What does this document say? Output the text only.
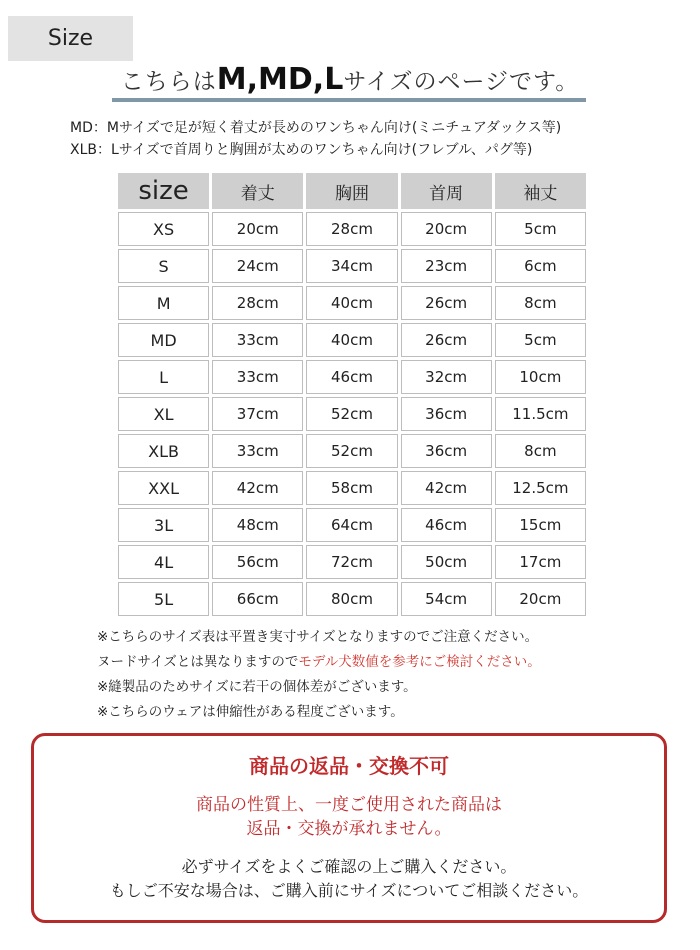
Size
こちらはM,MD,Lサイズのページです。
MD：Mサイズで足が短く着丈が長めのワンちゃん向け(ミニチュアダックス等)
XLB：Lサイズで首周りと胸囲が太めのワンちゃん向け(フレブル、パグ等)
size	着丈	胸囲	首周	袖丈
XS	20cm	28cm	20cm	5cm
S	24cm	34cm	23cm	6cm
M	28cm	40cm	26cm	8cm
MD	33cm	40cm	26cm	5cm
L	33cm	46cm	32cm	10cm
XL	37cm	52cm	36cm	11.5cm
XLB	33cm	52cm	36cm	8cm
XXL	42cm	58cm	42cm	12.5cm
3L	48cm	64cm	46cm	15cm
4L	56cm	72cm	50cm	17cm
5L	66cm	80cm	54cm	20cm
※こちらのサイズ表は平置き実寸サイズとなりますのでご注意ください。
ヌードサイズとは異なりますのでモデル犬数値を参考にご検討ください。
※縫製品のためサイズに若干の個体差がございます。
※こちらのウェアは伸縮性がある程度ございます。
商品の返品・交換不可
商品の性質上、一度ご使用された商品は
返品・交換が承れません。
必ずサイズをよくご確認の上ご購入ください。
もしご不安な場合は、ご購入前にサイズについてご相談ください。
